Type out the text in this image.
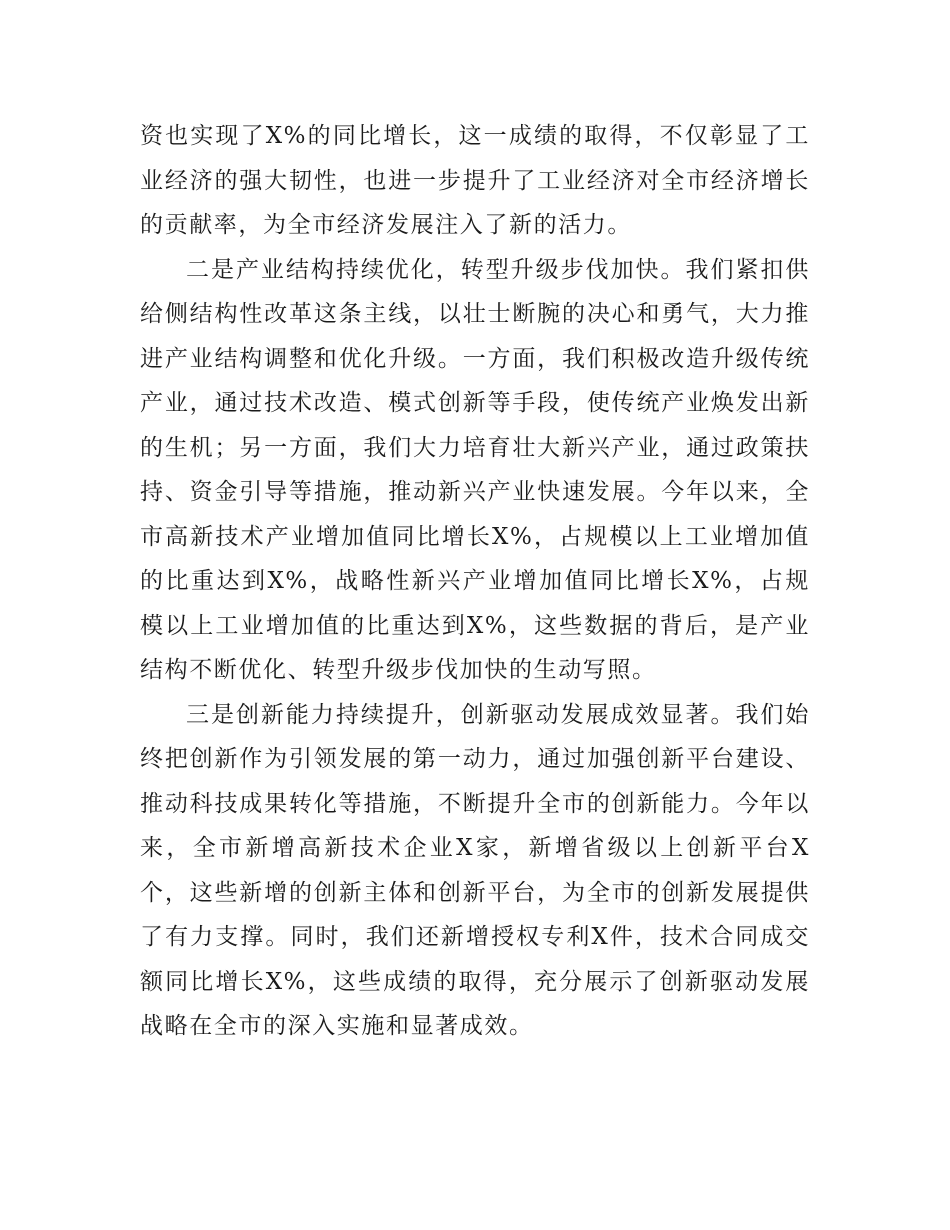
资也实现了X%的同比增长，这一成绩的取得，不仅彰显了工业经济的强大韧性，也进一步提升了工业经济对全市经济增长的贡献率，为全市经济发展注入了新的活力。

二是产业结构持续优化，转型升级步伐加快。我们紧扣供给侧结构性改革这条主线，以壮士断腕的决心和勇气，大力推进产业结构调整和优化升级。一方面，我们积极改造升级传统产业，通过技术改造、模式创新等手段，使传统产业焕发出新的生机；另一方面，我们大力培育壮大新兴产业，通过政策扶持、资金引导等措施，推动新兴产业快速发展。今年以来，全市高新技术产业增加值同比增长X%，占规模以上工业增加值的比重达到X%，战略性新兴产业增加值同比增长X%，占规模以上工业增加值的比重达到X%，这些数据的背后，是产业结构不断优化、转型升级步伐加快的生动写照。

三是创新能力持续提升，创新驱动发展成效显著。我们始终把创新作为引领发展的第一动力，通过加强创新平台建设、推动科技成果转化等措施，不断提升全市的创新能力。今年以来，全市新增高新技术企业X家，新增省级以上创新平台X个，这些新增的创新主体和创新平台，为全市的创新发展提供了有力支撑。同时，我们还新增授权专利X件，技术合同成交额同比增长X%，这些成绩的取得，充分展示了创新驱动发展战略在全市的深入实施和显著成效。
